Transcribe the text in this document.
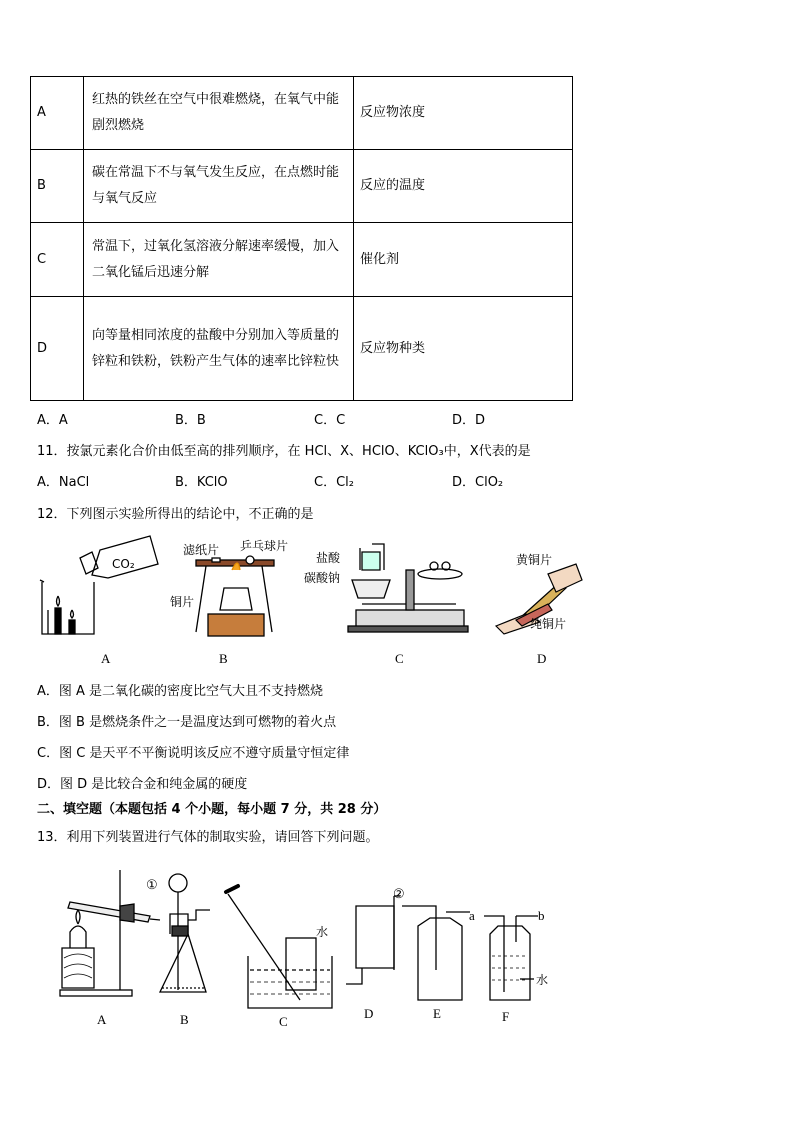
A	红热的铁丝在空气中很难燃烧，在氧气中能剧烈燃烧	反应物浓度
B	碳在常温下不与氧气发生反应，在点燃时能与氧气反应	反应的温度
C	常温下，过氧化氢溶液分解速率缓慢，加入二氧化锰后迅速分解	催化剂
D	向等量相同浓度的盐酸中分别加入等质量的锌粒和铁粉，铁粉产生气体的速率比锌粒快	反应物种类
A．A	B．B	C．C	D．D
11．按氯元素化合价由低至高的排列顺序，在 HCl、X、HClO、KClO₃中，X代表的是
A．NaCl	B．KClO	C．Cl₂	D．ClO₂
12．下列图示实验所得出的结论中，不正确的是
CO₂
滤纸片 乒乓球片
铜片
盐酸
碳酸钠
黄铜片
纯铜片
A	B	C	D
A．图 A 是二氧化碳的密度比空气大且不支持燃烧
B．图 B 是燃烧条件之一是温度达到可燃物的着火点
C．图 C 是天平不平衡说明该反应不遵守质量守恒定律
D．图 D 是比较合金和纯金属的硬度
二、填空题（本题包括 4 个小题，每小题 7 分，共 28 分）
13．利用下列装置进行气体的制取实验，请回答下列问题。
①
水
②
a	b
水
A	B	C
D	E	F
